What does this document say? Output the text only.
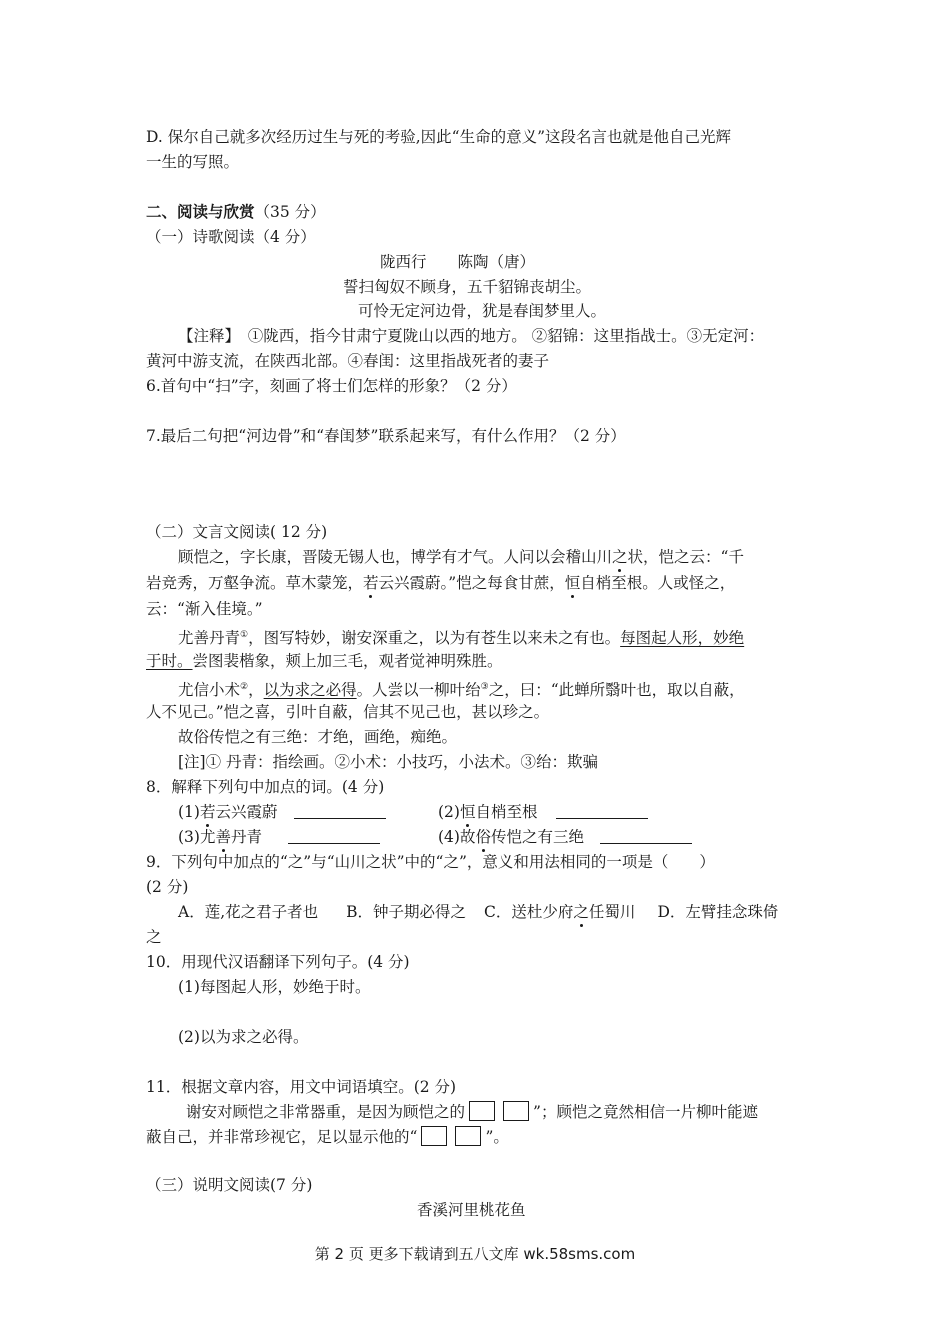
D. 保尔自己就多次经历过生与死的考验,因此“生命的意义”这段名言也就是他自己光辉
一生的写照。
二、阅读与欣赏（35 分）
（一）诗歌阅读（4 分）
陇西行　　陈陶（唐）
誓扫匈奴不顾身，五千貂锦丧胡尘。
可怜无定河边骨，犹是春闺梦里人。
【注释】　①陇西，指今甘肃宁夏陇山以西的地方。 ②貂锦：这里指战士。③无定河：
黄河中游支流，在陕西北部。④春闺：这里指战死者的妻子
6.首句中“扫”字，刻画了将士们怎样的形象？（2 分）
7.最后二句把“河边骨”和“春闺梦”联系起来写，有什么作用？（2 分）
（二）文言文阅读( 12 分)
顾恺之，字长康，晋陵无锡人也，博学有才气。人问以会稽山川之状，恺之云：“千
岩竞秀，万壑争流。草木蒙笼，若云兴霞蔚。”恺之每食甘蔗，恒自梢至根。人或怪之，
云：“渐入佳境。”
尤善丹青①，图写特妙，谢安深重之，以为有苍生以来未之有也。每图起人形，妙绝
于时。尝图裴楷象，颊上加三毛，观者觉神明殊胜。
尤信小术②，以为求之必得。人尝以一柳叶绐③之，曰：“此蝉所翳叶也，取以自蔽，
人不见己。”恺之喜，引叶自蔽，信其不见己也，甚以珍之。
故俗传恺之有三绝：才绝，画绝，痴绝。
[注]① 丹青：指绘画。②小术：小技巧，小法术。③绐：欺骗
8．解释下列句中加点的词。(4 分)
(1)若云兴霞蔚	(2)恒自梢至根
(3)尤善丹青	(4)故俗传恺之有三绝
9．下列句中加点的“之”与“山川之状”中的“之”，意义和用法相同的一项是（　　）
(2 分)
A．莲,花之君子者也 B．钟子期必得之 C．送杜少府之任蜀川 D．左臂挂念珠倚
之
10．用现代汉语翻译下列句子。(4 分)
(1)每图起人形，妙绝于时。
(2)以为求之必得。
11．根据文章内容，用文中词语填空。(2 分)
谢安对顾恺之非常器重，是因为顾恺之的	”；顾恺之竟然相信一片柳叶能遮
蔽自己，并非常珍视它，足以显示他的“	”。
（三）说明文阅读(7 分)
香溪河里桃花鱼
第 2 页 更多下载请到五八文库 wk.58sms.com
